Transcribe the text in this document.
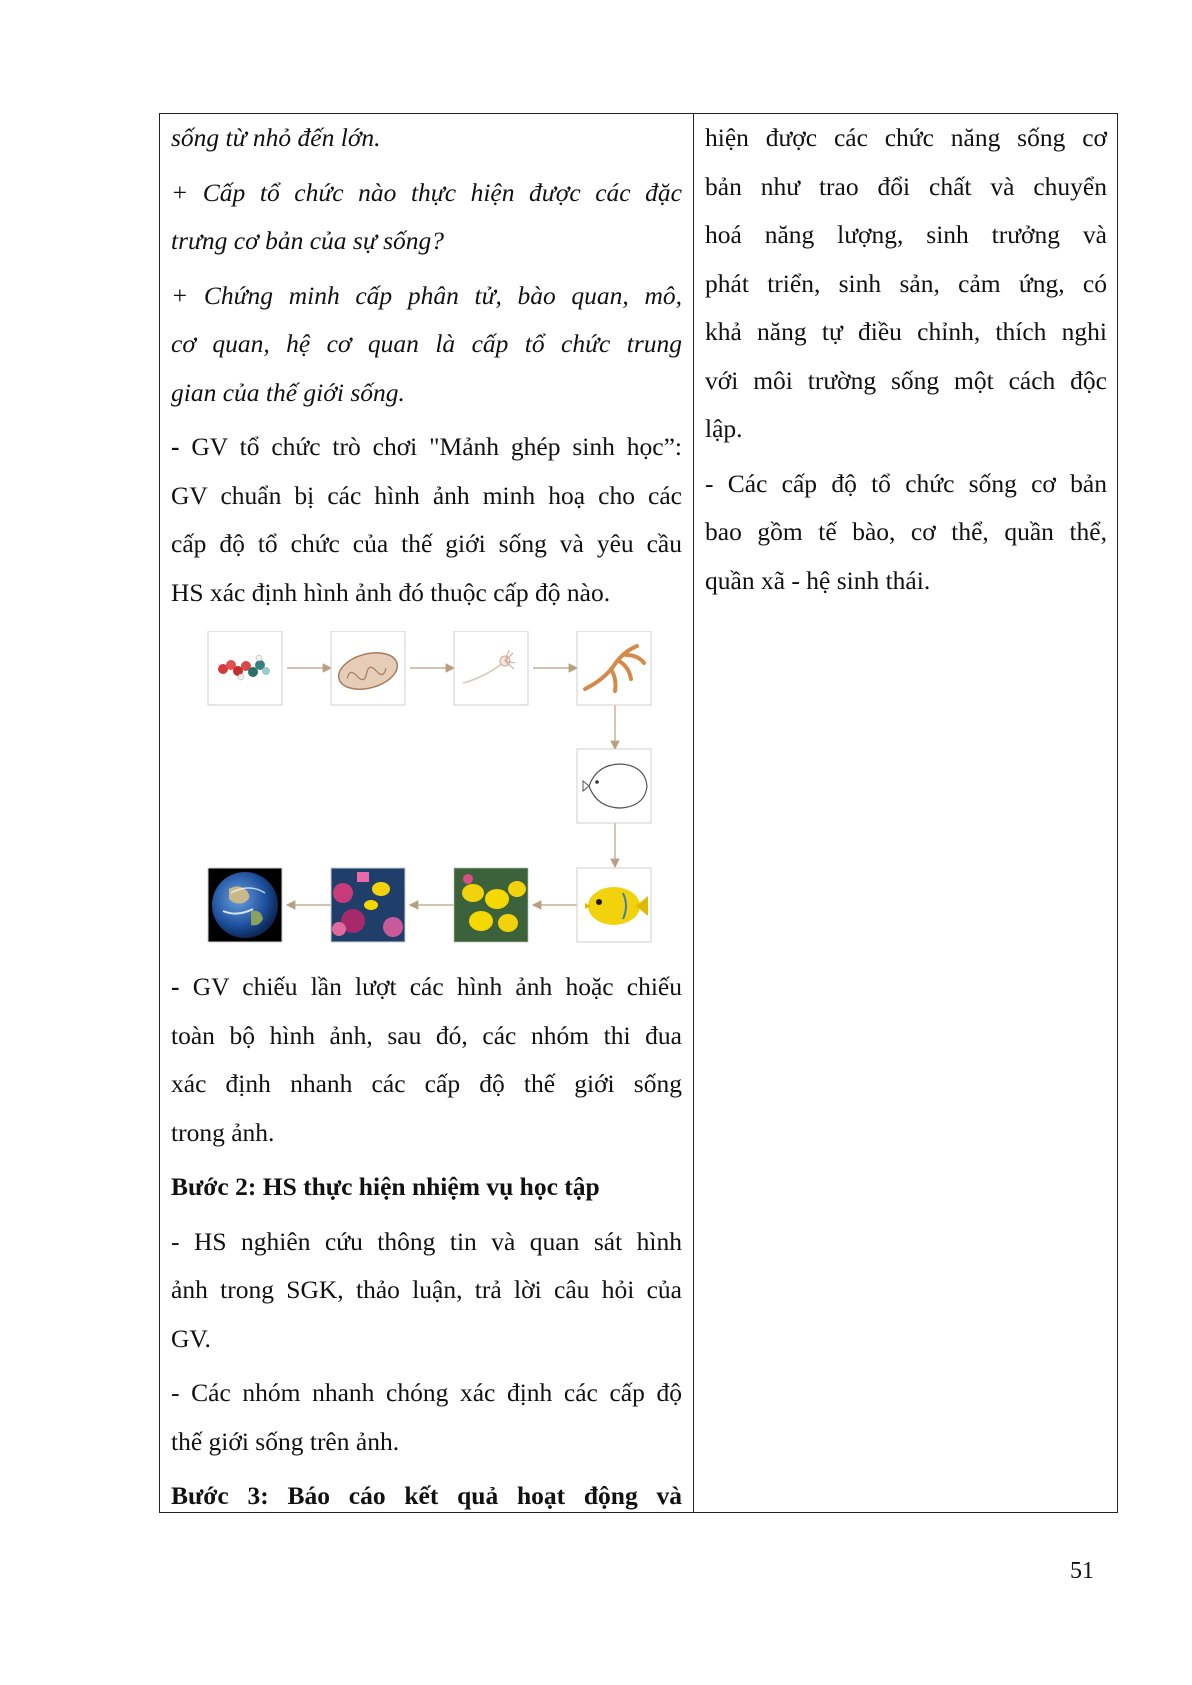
sống từ nhỏ đến lớn.

+ Cấp tổ chức nào thực hiện được các đặc

trưng cơ bản của sự sống?

+ Chứng minh cấp phân tử, bào quan, mô,

cơ quan, hệ cơ quan là cấp tổ chức trung

gian của thế giới sống.

- GV tổ chức trò chơi "Mảnh ghép sinh học”:

GV chuẩn bị các hình ảnh minh hoạ cho các

cấp độ tổ chức của thế giới sống và yêu cầu

HS xác định hình ảnh đó thuộc cấp độ nào.

- GV chiếu lần lượt các hình ảnh hoặc chiếu

toàn bộ hình ảnh, sau đó, các nhóm thi đua

xác định nhanh các cấp độ thế giới sống

trong ảnh.

Bước 2: HS thực hiện nhiệm vụ học tập

- HS nghiên cứu thông tin và quan sát hình

ảnh trong SGK, thảo luận, trả lời câu hỏi của

GV.

- Các nhóm nhanh chóng xác định các cấp độ

thế giới sống trên ảnh.

Bước 3: Báo cáo kết quả hoạt động và

hiện được các chức năng sống cơ

bản như trao đổi chất và chuyển

hoá năng lượng, sinh trưởng và

phát triển, sinh sản, cảm ứng, có

khả năng tự điều chỉnh, thích nghi

với môi trường sống một cách độc

lập.

- Các cấp độ tổ chức sống cơ bản

bao gồm tế bào, cơ thể, quần thể,

quần xã - hệ sinh thái.

51
